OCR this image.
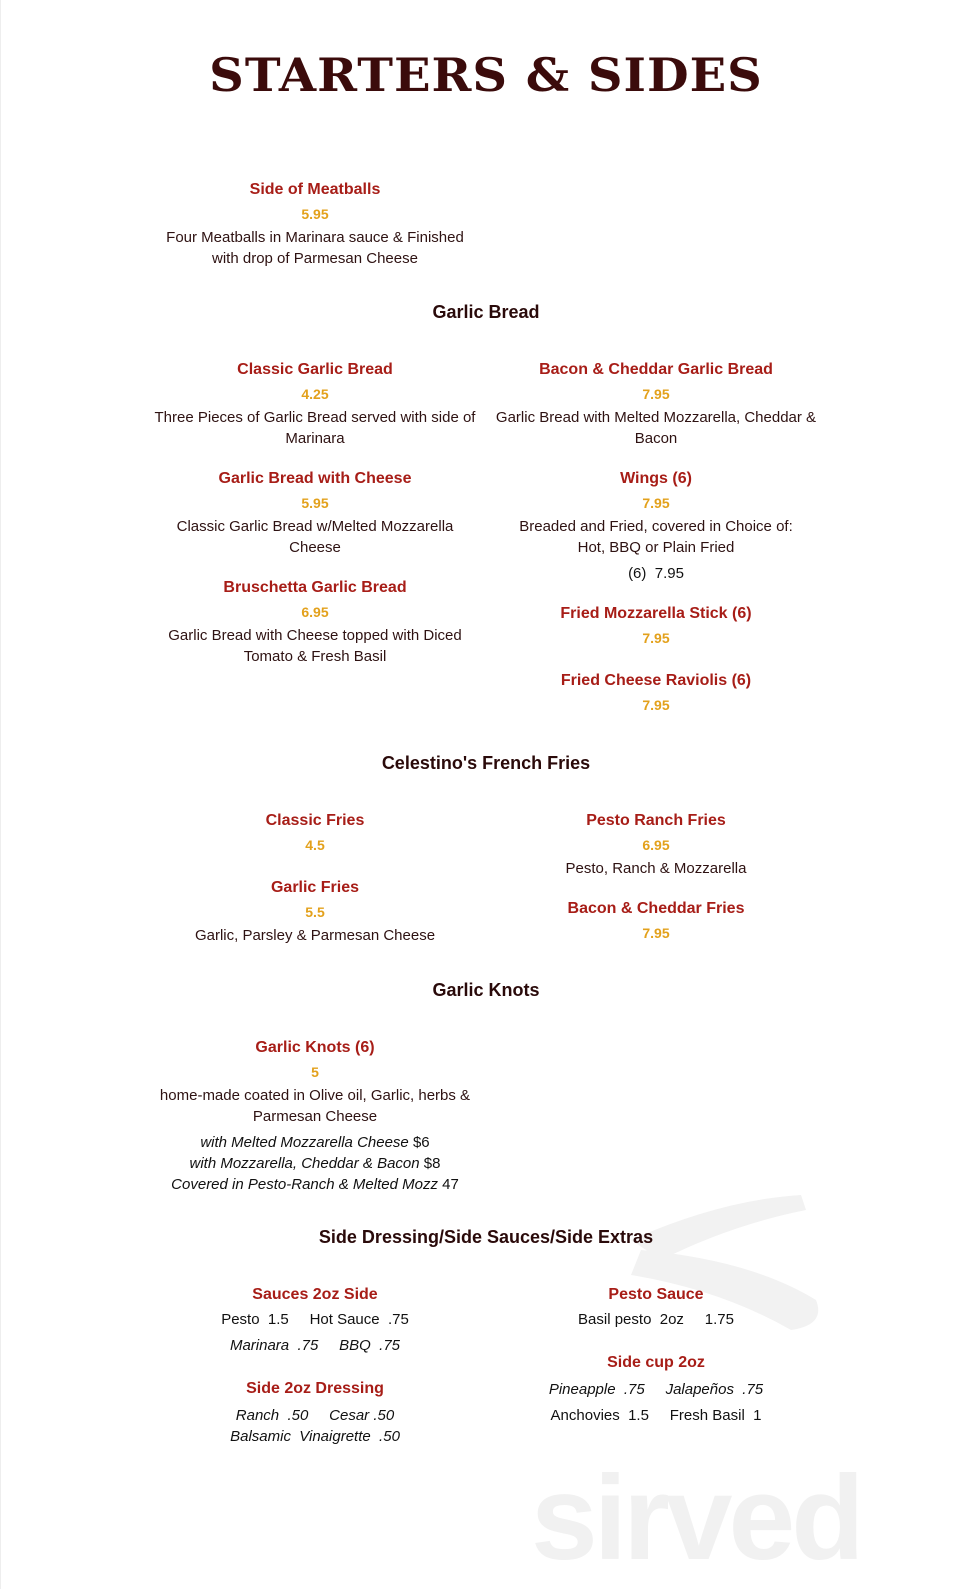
sirved
STARTERS & SIDES
Side of Meatballs
5.95
Four Meatballs in Marinara sauce & Finished with drop of Parmesan Cheese
Garlic Bread
Classic Garlic Bread
4.25
Three Pieces of Garlic Bread served with side of Marinara
Garlic Bread with Cheese
5.95
Classic Garlic Bread w/Melted Mozzarella Cheese
Bruschetta Garlic Bread
6.95
Garlic Bread with Cheese topped with Diced Tomato & Fresh Basil
Bacon & Cheddar Garlic Bread
7.95
Garlic Bread with Melted Mozzarella, Cheddar & Bacon
Wings (6)
7.95
Breaded and Fried, covered in Choice of: Hot, BBQ or Plain Fried
(6)  7.95
Fried Mozzarella Stick (6)
7.95
Fried Cheese Raviolis (6)
7.95
Celestino's French Fries
Classic Fries
4.5
Garlic Fries
5.5
Garlic, Parsley & Parmesan Cheese
Pesto Ranch Fries
6.95
Pesto, Ranch & Mozzarella
Bacon & Cheddar Fries
7.95
Garlic Knots
Garlic Knots (6)
5
home-made coated in Olive oil, Garlic, herbs & Parmesan Cheese
with Melted Mozzarella Cheese $6
with Mozzarella, Cheddar & Bacon $8
Covered in Pesto-Ranch & Melted Mozz 47
Side Dressing/Side Sauces/Side Extras
Sauces 2oz Side
Pesto  1.5     Hot Sauce  .75
Marinara  .75     BBQ  .75
Side 2oz Dressing
Ranch  .50     Cesar .50
Balsamic  Vinaigrette  .50
Pesto Sauce
Basil pesto  2oz     1.75
Side cup 2oz
Pineapple  .75     Jalapeños  .75
Anchovies  1.5     Fresh Basil  1
